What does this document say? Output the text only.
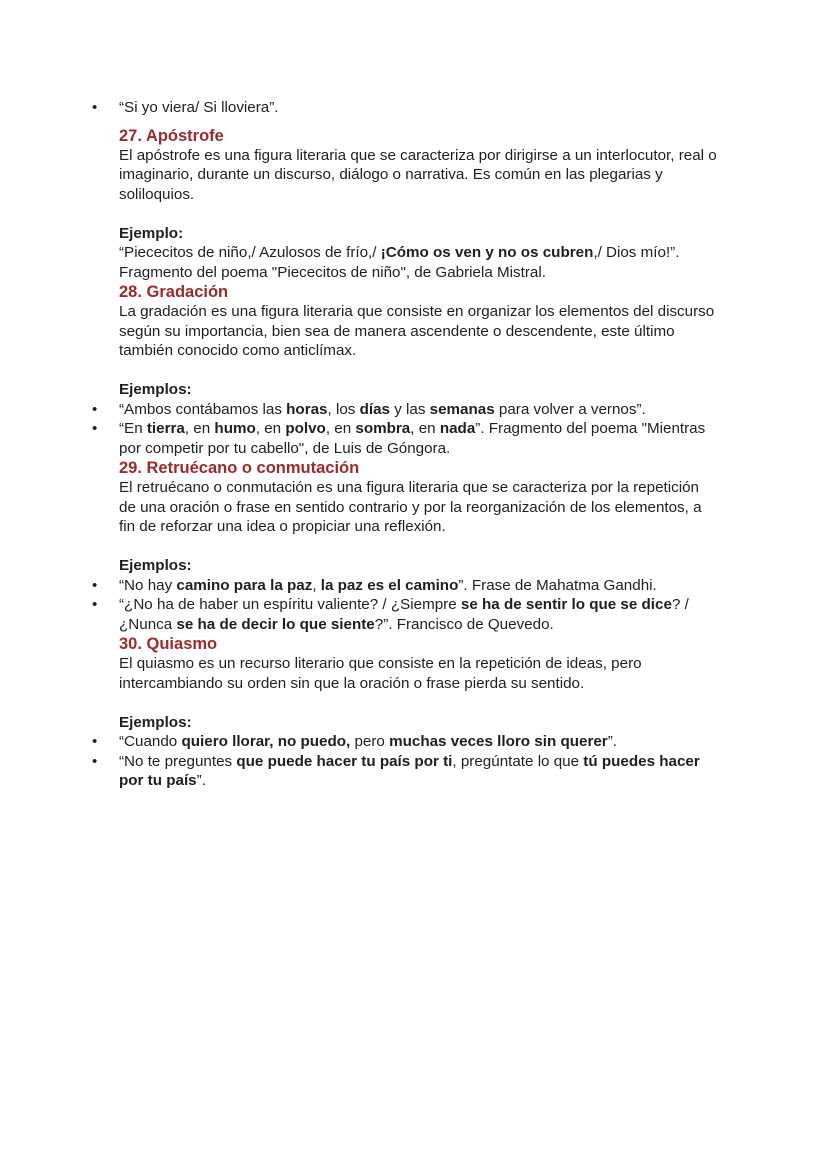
• “Si yo viera/ Si lloviera”.
27. Apóstrofe
El apóstrofe es una figura literaria que se caracteriza por dirigirse a un interlocutor, real o imaginario, durante un discurso, diálogo o narrativa. Es común en las plegarias y soliloquios.
Ejemplo:
“Piececitos de niño,/ Azulosos de frío,/ ¡Cómo os ven y no os cubren,/ Dios mío!”. Fragmento del poema "Piececitos de niño", de Gabriela Mistral.
28. Gradación
La gradación es una figura literaria que consiste en organizar los elementos del discurso según su importancia, bien sea de manera ascendente o descendente, este último también conocido como anticlímax.
Ejemplos:
• “Ambos contábamos las horas, los días y las semanas para volver a vernos”.
• “En tierra, en humo, en polvo, en sombra, en nada”. Fragmento del poema "Mientras por competir por tu cabello", de Luis de Góngora.
29. Retruécano o conmutación
El retruécano o conmutación es una figura literaria que se caracteriza por la repetición de una oración o frase en sentido contrario y por la reorganización de los elementos, a fin de reforzar una idea o propiciar una reflexión.
Ejemplos:
• “No hay camino para la paz, la paz es el camino”. Frase de Mahatma Gandhi.
• “¿No ha de haber un espíritu valiente? / ¿Siempre se ha de sentir lo que se dice? / ¿Nunca se ha de decir lo que siente?”. Francisco de Quevedo.
30. Quiasmo
El quiasmo es un recurso literario que consiste en la repetición de ideas, pero intercambiando su orden sin que la oración o frase pierda su sentido.
Ejemplos:
• “Cuando quiero llorar, no puedo, pero muchas veces lloro sin querer”.
• “No te preguntes que puede hacer tu país por ti, pregúntate lo que tú puedes hacer por tu país”.
